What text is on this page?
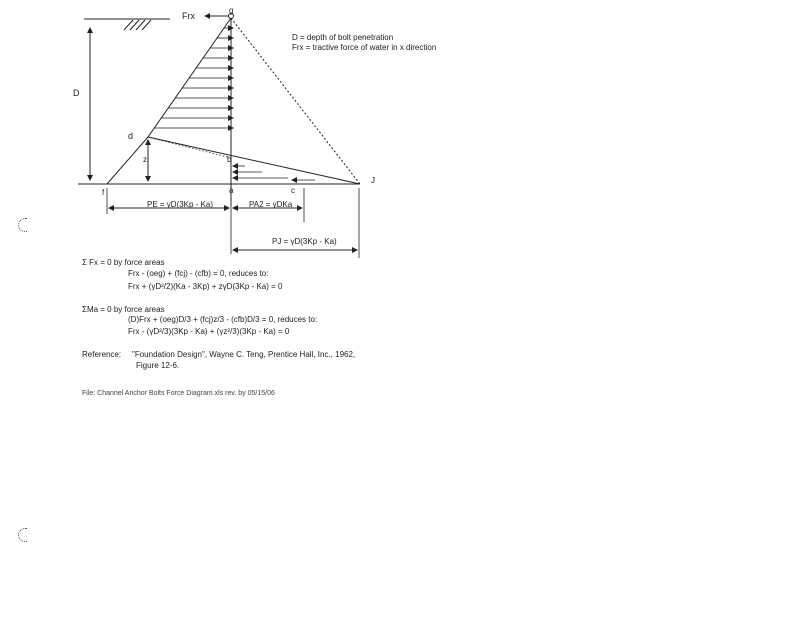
Frx
g
D
d
z	b
f	a	c
J
PE = γD(3Kp - Ka)	PA2 = γDKa
PJ = γD(3Kp - Ka)
D = depth of bolt penetration
Frx = tractive force of water in x direction
Σ Fx = 0 by force areas
Frx - (oeg) + (fcj) - (cfb) = 0, reduces to:
Frx + (γD²/2)(Ka - 3Kp) + zγD(3Kp - Ka) = 0
ΣMa = 0 by force areas
(D)Frx + (oeg)D/3 + (fcj)z/3 - (cfb)D/3 = 0, reduces to:
Frx - (γD²/3)(3Kp - Ka) + (γz²/3)(3Kp - Ka) = 0
Reference: "Foundation Design", Wayne C. Teng, Prentice Hall, Inc., 1962,
Figure 12-6.
File: Channel Anchor Bolts Force Diagram.xls rev. by 05/15/06
